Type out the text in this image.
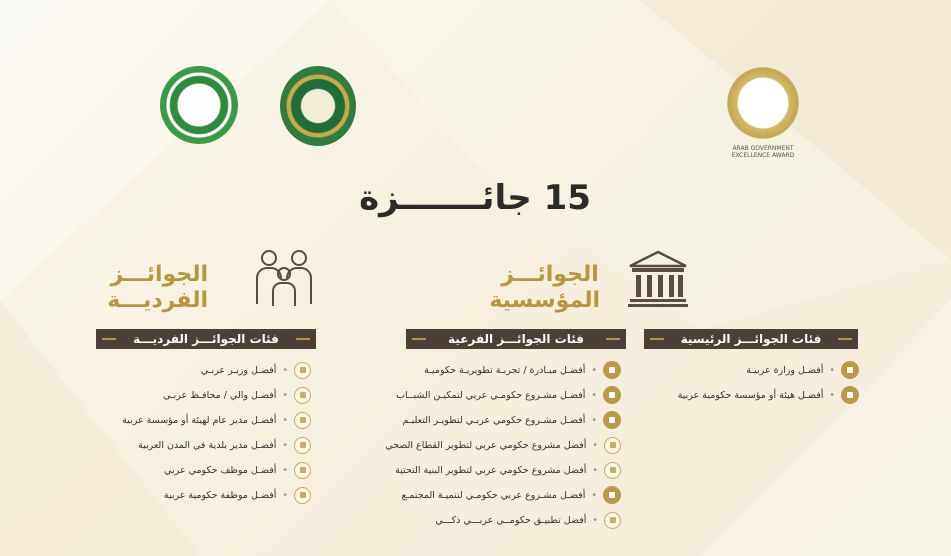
ARAB GOVERNMENT EXCELLENCE AWARD
15 جائـــــــزة
الجوائـــز
المؤسسية
الجوائـــز
الفرديـــة
فئات الجوائـــز الرئيسية
فئات الجوائـــز الفرعية
فئات الجوائـــز الفرديـــة
•
أفضـل وزارة عربيـة
•
أفضـل هيئة أو مؤسسة حكومية عربية
•
أفضـل مبـادرة / تجربـة تطويريـة حكوميـة
•
أفضـل مشـروع حكومـي عربي لتمكيـن الشبــاب
•
أفضـل مشـروع حكومي عربـي لتطويـر التعليـم
•
أفضل مشروع حكومي عربي لتطوير القطاع الصحي
•
أفضل مشروع حكومي عربي لتطوير البنية التحتية
•
أفضـل مشـروع عربي حكومـي لتنميـة المجتمـع
•
أفضل تطبيـق حكومــي عربـــي ذكـــي
•
أفضـل وزيـر عربـي
•
أفضـل والي / محافـظ عربـي
•
أفضـل مدير عام لهيئة أو مؤسسة عربية
•
أفضـل مدير بلدية في المدن العربية
•
أفضـل موظف حكومي عربي
•
أفضـل موظفة حكومية عربية
